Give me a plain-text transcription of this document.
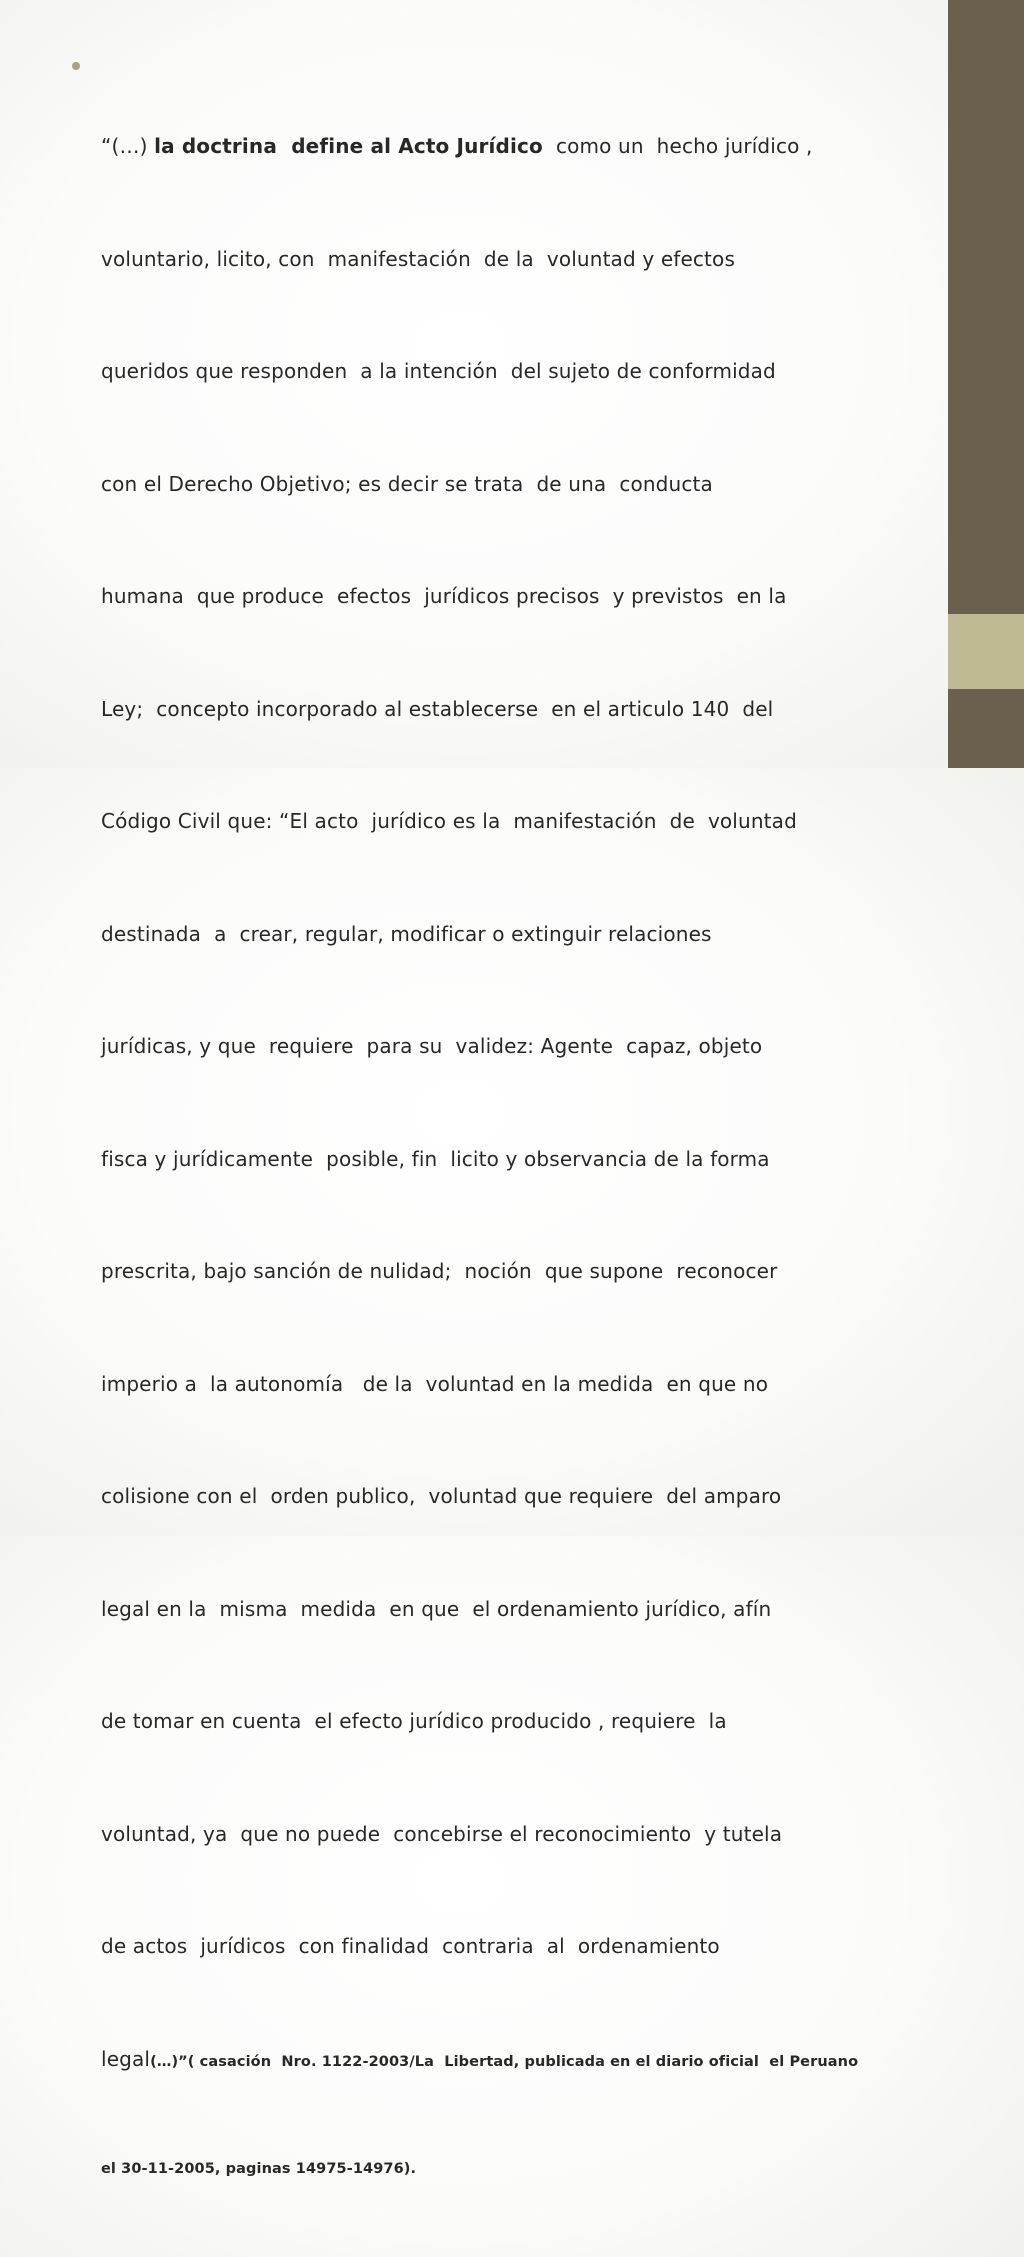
“(…) la doctrina  define al Acto Jurídico  como un  hecho jurídico ,

voluntario, licito, con  manifestación  de la  voluntad y efectos

queridos que responden  a la intención  del sujeto de conformidad

con el Derecho Objetivo; es decir se trata  de una  conducta

humana  que produce  efectos  jurídicos precisos  y previstos  en la

Ley;  concepto incorporado al establecerse  en el articulo 140  del

Código Civil que: “El acto  jurídico es la  manifestación  de  voluntad

destinada  a  crear, regular, modificar o extinguir relaciones

jurídicas, y que  requiere  para su  validez: Agente  capaz, objeto

fisca y jurídicamente  posible, fin  licito y observancia de la forma

prescrita, bajo sanción de nulidad;  noción  que supone  reconocer

imperio a  la autonomía   de la  voluntad en la medida  en que no

colisione con el  orden publico,  voluntad que requiere  del amparo

legal en la  misma  medida  en que  el ordenamiento jurídico, afín

de tomar en cuenta  el efecto jurídico producido , requiere  la

voluntad, ya  que no puede  concebirse el reconocimiento  y tutela

de actos  jurídicos  con finalidad  contraria  al  ordenamiento

legal(…)”( casación  Nro. 1122-2003/La  Libertad, publicada en el diario oficial  el Peruano

el 30-11-2005, paginas 14975-14976).
